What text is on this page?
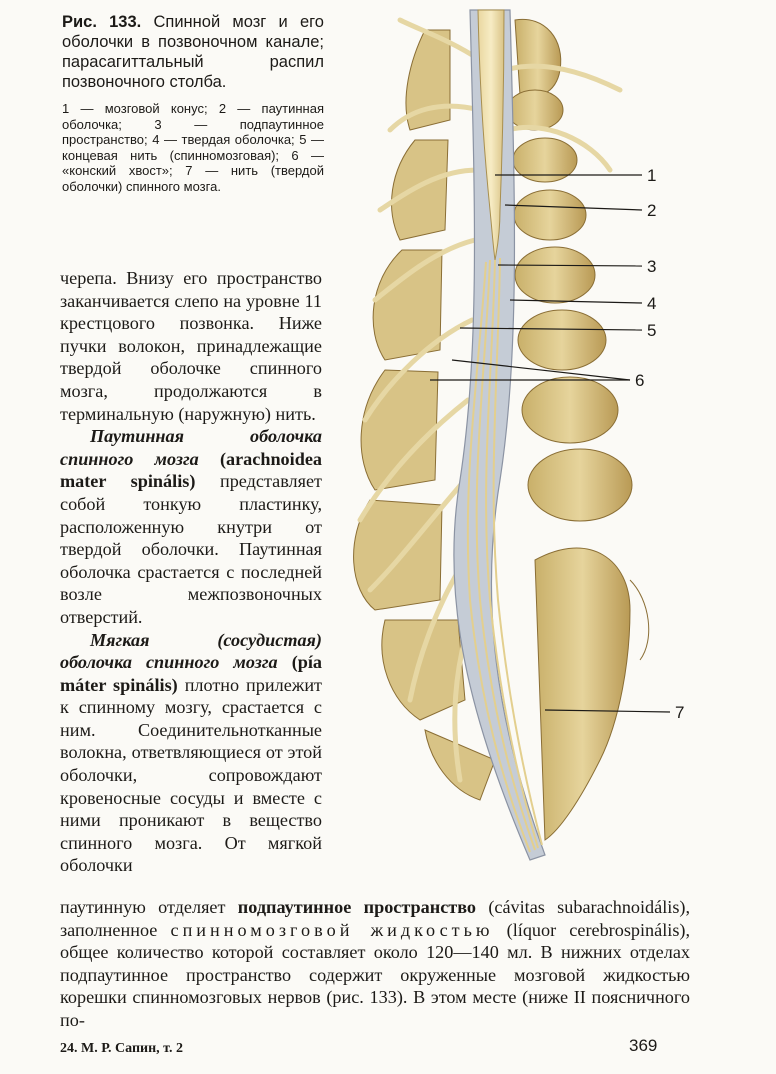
Рис. 133. Спинной мозг и его оболочки в позвоночном канале; парасагиттальный распил позвоночного столба.

1 — мозговой конус; 2 — паутинная оболочка; 3 — подпаутинное пространство; 4 — твердая оболочка; 5 — концевая нить (спинномозговая); 6 — «конский хвост»; 7 — нить (твердой оболочки) спинного мозга.

черепа. Внизу его пространство заканчивается слепо на уровне 11 крестцового позвонка. Ниже пучки волокон, принадлежащие твердой оболочке спинного мозга, продолжаются в терминальную (наружную) нить.

Паутинная оболочка спинного мозга (arachnoidea mater spinális) представляет собой тонкую пластинку, расположенную кнутри от твердой оболочки. Паутинная оболочка срастается с последней возле межпозвоночных отверстий.

Мягкая (сосудистая) оболочка спинного мозга (pía máter spinális) плотно прилежит к спинному мозгу, срастается с ним. Соединительнотканные волокна, ответвляющиеся от этой оболочки, сопровождают кровеносные сосуды и вместе с ними проникают в вещество спинного мозга. От мягкой оболочки

паутинную отделяет подпаутинное пространство (cávitas subarachnoidális), заполненное спинномозговой жидкостью (líquor cerebrospinális), общее количество которой составляет около 120—140 мл. В нижних отделах подпаутинное пространство содержит окруженные мозговой жидкостью корешки спинномозговых нервов (рис. 133). В этом месте (ниже II поясничного по-

24. М. Р. Сапин, т. 2	369
1
2
3
4
5
6
7
